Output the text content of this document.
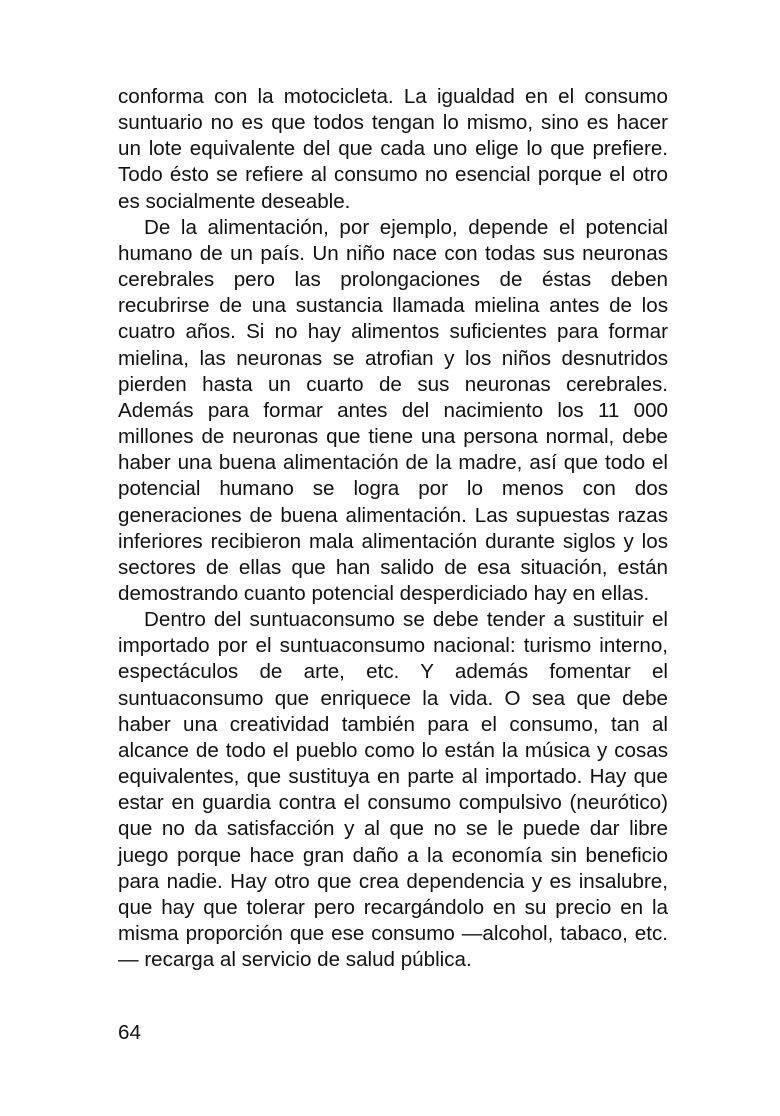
conforma con la motocicleta. La igualdad en el consumo suntuario no es que todos tengan lo mismo, sino es hacer un lote equivalente del que cada uno elige lo que prefiere. Todo ésto se refiere al consumo no esencial porque el otro es socialmente deseable.

De la alimentación, por ejemplo, depende el potencial humano de un país. Un niño nace con todas sus neuronas cerebrales pero las prolongaciones de éstas deben recubrirse de una sustancia llamada mielina antes de los cuatro años. Si no hay alimentos suficientes para formar mielina, las neuronas se atrofian y los niños desnutridos pierden hasta un cuarto de sus neuronas cerebrales. Además para formar antes del nacimiento los 11 000 millones de neuronas que tiene una persona normal, debe haber una buena alimentación de la madre, así que todo el potencial humano se logra por lo menos con dos generaciones de buena alimentación. Las supuestas razas inferiores recibieron mala alimentación durante siglos y los sectores de ellas que han salido de esa situación, están demostrando cuanto potencial desperdiciado hay en ellas.

Dentro del suntuaconsumo se debe tender a sustituir el importado por el suntuaconsumo nacional: turismo interno, espectáculos de arte, etc. Y además fomentar el suntuaconsumo que enriquece la vida. O sea que debe haber una creatividad también para el consumo, tan al alcance de todo el pueblo como lo están la música y cosas equivalentes, que sustituya en parte al importado. Hay que estar en guardia contra el consumo compulsivo (neurótico) que no da satisfacción y al que no se le puede dar libre juego porque hace gran daño a la economía sin beneficio para nadie. Hay otro que crea dependencia y es insalubre, que hay que tolerar pero recargándolo en su precio en la misma proporción que ese consumo —alcohol, tabaco, etc.— recarga al servicio de salud pública.

64
